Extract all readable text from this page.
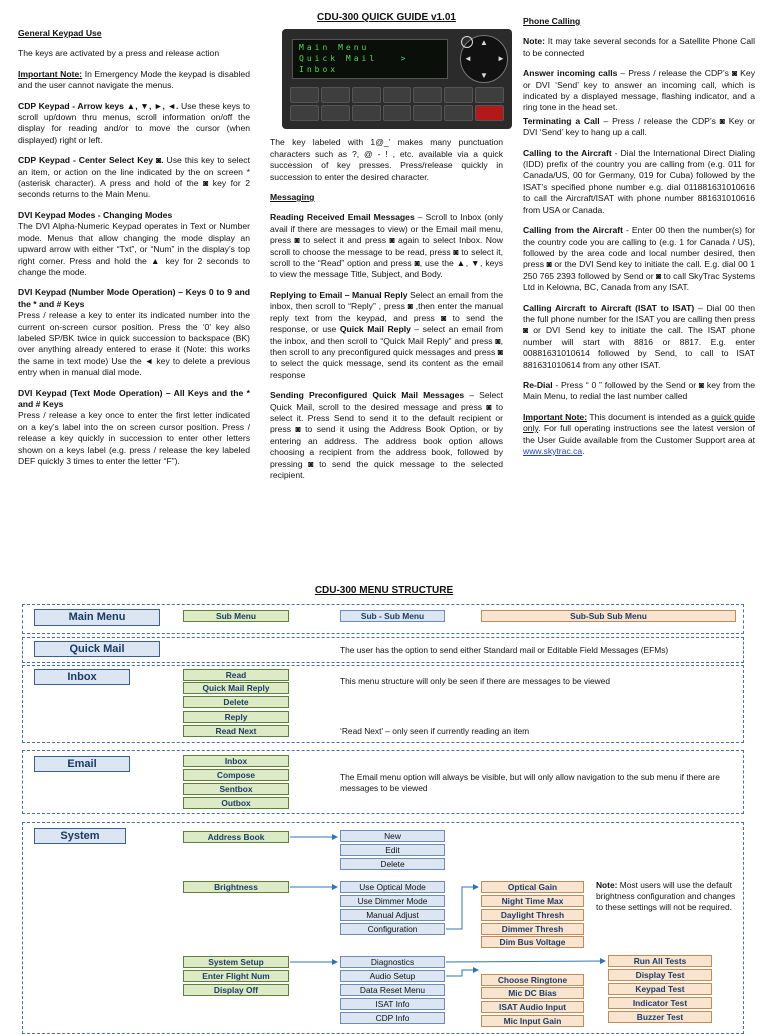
General Keypad Use

The keys are activated by a press and release action

Important Note: In Emergency Mode the keypad is disabled and the user cannot navigate the menus.

CDP Keypad - Arrow keys ▲, ▼, ►, ◄. Use these keys to scroll up/down thru menus, scroll information on/off the display for reading and/or to move the cursor (when displayed) right or left.

CDP Keypad - Center Select Key ◙. Use this key to select an item, or action on the line indicated by the on screen * (asterisk character). A press and hold of the ◙ key for 2 seconds returns to the Main Menu.

DVI Keypad Modes - Changing Modes
The DVI Alpha-Numeric Keypad operates in Text or Number mode. Menus that allow changing the mode display an upward arrow with either “Txt”, or “Num” in the display’s top right corner. Press and hold the ▲ key for 2 seconds to change the mode.

DVI Keypad (Number Mode Operation) – Keys 0 to 9 and the * and # Keys
Press / release a key to enter its indicated number into the current on-screen cursor position. Press the ‘0’ key also labeled SP/BK twice in quick succession to backspace (BK) over anything already entered to erase it (Note: this works the same in text mode) Use the ◄ key to delete a previous entry when in manual dial mode.

DVI Keypad (Text Mode Operation) – All Keys and the * and # Keys
Press / release a key once to enter the first letter indicated on a key’s label into the on screen cursor position. Press / release a key quickly in succession to enter other letters shown on a keys label (e.g. press / release the key labeled DEF quickly 3 times to enter the letter “F”).

CDU-300 QUICK GUIDE v1.01
Main Menu
Quick Mail   >
Inbox
▲
▼
◄	►

The key labeled with 1@_’ makes many punctuation characters such as ?, @ - ! , etc. available via a quick succession of key presses. Press/release quickly in succession to enter the desired character.

Messaging

Reading Received Email Messages – Scroll to Inbox (only avail if there are messages to view) or the Email mail menu, press ◙ to select it and press ◙ again to select Inbox. Now scroll to choose the message to be read, press ◙ to select it, scroll to the “Read” option and press ◙, use the ▲, ▼, keys to view the message Title, Subject, and Body.

Replying to Email – Manual Reply Select an email from the inbox, then scroll to “Reply” , press ◙ ,then enter the manual reply text from the keypad, and press ◙ to send the response, or use Quick Mail Reply – select an email from the inbox, and then scroll to “Quick Mail Reply” and press ◙, then scroll to any preconfigured quick messages and press ◙ to select the quick message, send its content as the email response

Sending Preconfigured Quick Mail Messages – Select Quick Mail, scroll to the desired message and press ◙ to select it. Press Send to send it to the default recipient or press ◙ to send it using the Address Book Option, or by entering an address. The address book option allows choosing a recipient from the address book, followed by pressing ◙ to send the quick message to the selected recipient.

Phone Calling

Note: It may take several seconds for a Satellite Phone Call to be connected

Answer incoming calls – Press / release the CDP’s ◙ Key or DVI ‘Send’ key to answer an incoming call, which is indicated by a displayed message, flashing indicator, and a ring tone in the head set.

Terminating a Call – Press / release the CDP’s ◙ Key or DVI ‘Send’ key to hang up a call.

Calling to the Aircraft - Dial the International Direct Dialing (IDD) prefix of the country you are calling from (e.g. 011 for Canada/US, 00 for Germany, 019 for Cuba) followed by the ISAT’s specified phone number e.g. dial 011881631010616 to call the Aircraft/ISAT with phone number 881631010616 from USA or Canada.

Calling from the Aircraft - Enter 00 then the number(s) for the country code you are calling to (e.g. 1 for Canada / US), followed by the area code and local number desired, then press ◙ or the DVI Send key to initiate the call. E.g. dial 00 1 250 765 2393 followed by Send or ◙ to call SkyTrac Systems Ltd in Kelowna, BC, Canada from any ISAT.

Calling Aircraft to Aircraft (ISAT to ISAT) – Dial 00 then the full phone number for the ISAT you are calling then press ◙ or DVI Send key to initiate the call. The ISAT phone number will start with 8816 or 8817. E.g. enter 00881631010614 followed by Send, to call to ISAT 881631010614 from any other ISAT.

Re-Dial - Press “ 0 ” followed by the Send or ◙ key from the Main Menu, to redial the last number called

Important Note: This document is intended as a quick guide only. For full operating instructions see the latest version of the User Guide available from the Customer Support area at www.skytrac.ca.

CDU-300 MENU STRUCTURE
Main Menu	Sub Menu	Sub - Sub Menu	Sub-Sub Sub Menu
Quick Mail	The user has the option to send either Standard mail or Editable Field Messages (EFMs)
Inbox	Read
Quick Mail Reply
Delete
Reply
Read Next
This menu structure will only be seen if there are messages to be viewed
‘Read Next’ – only seen if currently reading an item
Email	Inbox
Compose
Sentbox
Outbox
The Email menu option will always be visible, but will only allow navigation to the sub menu if there are messages to be viewed
System	Address Book	New
Edit
Delete
Brightness	Use Optical Mode
Use Dimmer Mode
Manual Adjust
Configuration
Optical Gain
Night Time Max
Daylight Thresh
Dimmer Thresh
Dim Bus Voltage
Note: Most users will use the default brightness configuration and changes to these settings will not be required.
System Setup
Enter Flight Num
Display Off
Diagnostics
Audio Setup
Data Reset Menu
ISAT Info
CDP Info
Choose Ringtone
Mic DC Bias
ISAT Audio Input
Mic Input Gain
Run All Tests
Display Test
Keypad Test
Indicator Test
Buzzer Test
